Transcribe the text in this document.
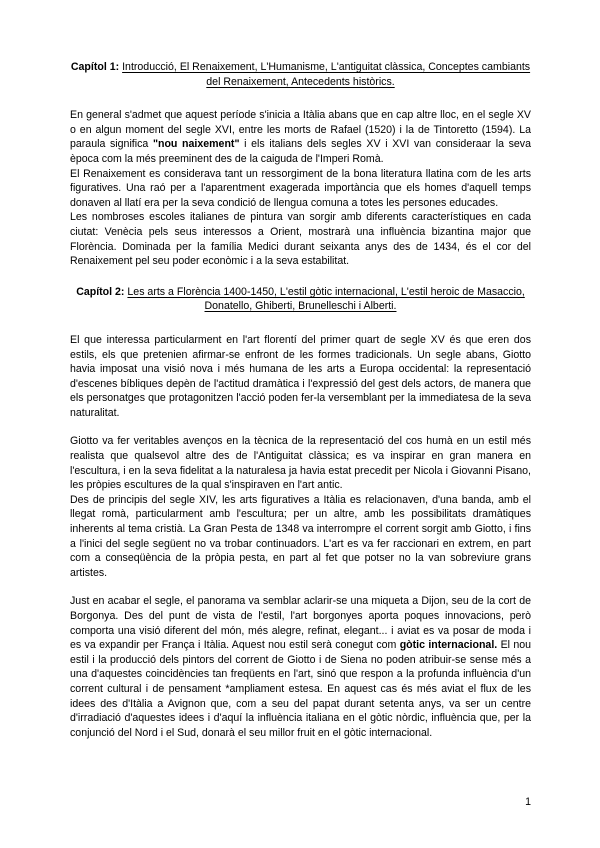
Capítol 1: Introducció, El Renaixement, L'Humanisme, L'antiguitat clàssica, Conceptes cambiants del Renaixement, Antecedents històrics.

En general s'admet que aquest període s'inicia a Itàlia abans que en cap altre lloc, en el segle XV o en algun moment del segle XVI, entre les morts de Rafael (1520) i la de Tintoretto (1594). La paraula significa "nou naixement" i els italians dels segles XV i XVI van consideraar la seva època com la més preeminent des de la caiguda de l'Imperi Romà.

El Renaixement es considerava tant un ressorgiment de la bona literatura llatina com de les arts figuratives. Una raó per a l'aparentment exagerada importància que els homes d'aquell temps donaven al llatí era per la seva condició de llengua comuna a totes les persones educades.

Les nombroses escoles italianes de pintura van sorgir amb diferents característiques en cada ciutat: Venècia pels seus interessos a Orient, mostrarà una influència bizantina major que Florència. Dominada per la família Medici durant seixanta anys des de 1434, és el cor del Renaixement pel seu poder econòmic i a la seva estabilitat.

Capítol 2: Les arts a Florència 1400-1450, L'estil gòtic internacional, L'estil heroic de Masaccio, Donatello, Ghiberti, Brunelleschi i Alberti.

El que interessa particularment en l'art florentí del primer quart de segle XV és que eren dos estils, els que pretenien afirmar-se enfront de les formes tradicionals. Un segle abans, Giotto havia imposat una visió nova i més humana de les arts a Europa occidental: la representació d'escenes bíbliques depèn de l'actitud dramàtica i l'expressió del gest dels actors, de manera que els personatges que protagonitzen l'acció poden fer-la versemblant per la immediatesa de la seva naturalitat.

Giotto va fer veritables avenços en la tècnica de la representació del cos humà en un estil més realista que qualsevol altre des de l'Antiguitat clàssica; es va inspirar en gran manera en l'escultura, i en la seva fidelitat a la naturalesa ja havia estat precedit per Nicola i Giovanni Pisano, les pròpies escultures de la qual s'inspiraven en l'art antic.

Des de principis del segle XIV, les arts figuratives a Itàlia es relacionaven, d'una banda, amb el llegat romà, particularment amb l'escultura; per un altre, amb les possibilitats dramàtiques inherents al tema cristià. La Gran Pesta de 1348 va interrompre el corrent sorgit amb Giotto, i fins a l'inici del segle següent no va trobar continuadors. L'art es va fer raccionari en extrem, en part com a conseqüència de la pròpia pesta, en part al fet que potser no la van sobreviure grans artistes.

Just en acabar el segle, el panorama va semblar aclarir-se una miqueta a Dijon, seu de la cort de Borgonya. Des del punt de vista de l'estil, l'art borgonyes aporta poques innovacions, però comporta una visió diferent del món, més alegre, refinat, elegant... i aviat es va posar de moda i es va expandir per França i Itàlia. Aquest nou estil serà conegut com gòtic internacional. El nou estil i la producció dels pintors del corrent de Giotto i de Siena no poden atribuir-se sense més a una d'aquestes coincidències tan freqüents en l'art, sinó que respon a la profunda influència d'un corrent cultural i de pensament *ampliament estesa. En aquest cas és més aviat el flux de les idees des d'Itàlia a Avignon que, com a seu del papat durant setenta anys, va ser un centre d'irradiació d'aquestes idees i d'aquí la influència italiana en el gòtic nòrdic, influència que, per la conjunció del Nord i el Sud, donarà el seu millor fruit en el gòtic internacional.

1
